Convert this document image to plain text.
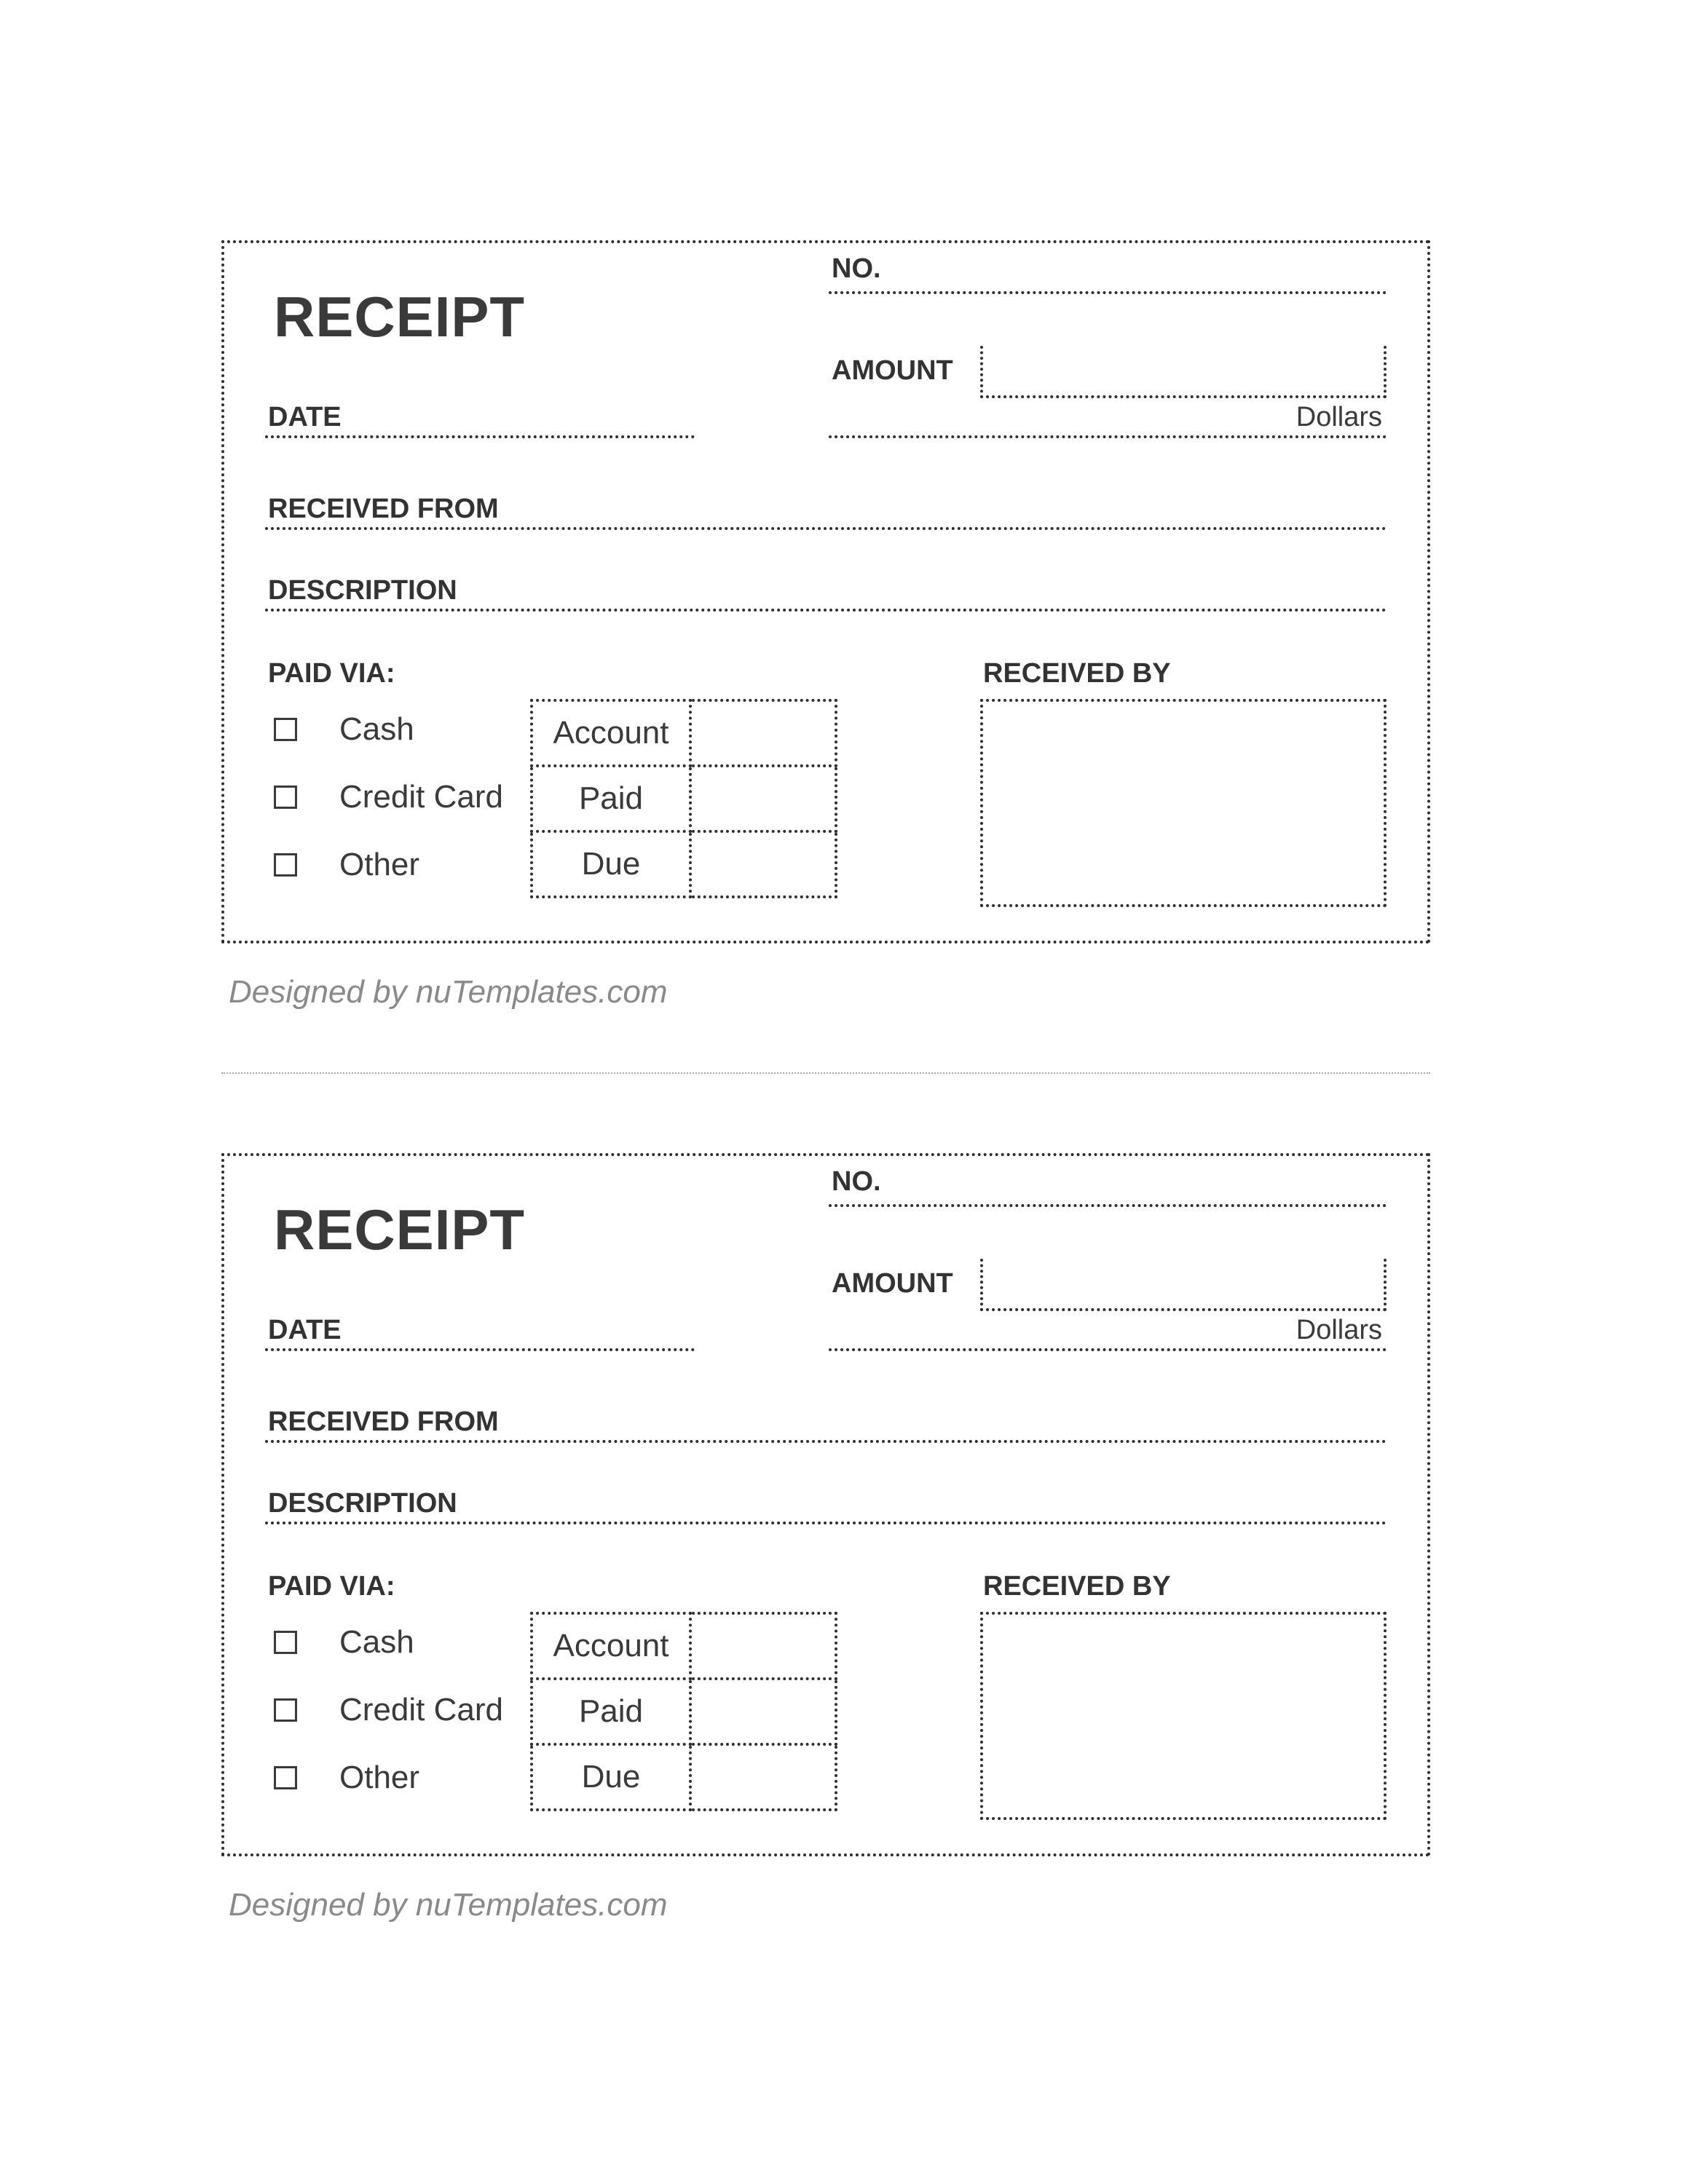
RECEIPT
NO.
AMOUNT
Dollars
DATE
RECEIVED FROM
DESCRIPTION
PAID VIA:
Cash
Credit Card
Other
Account	
Paid	
Due	
RECEIVED BY
Designed by nuTemplates.com
RECEIPT
NO.
AMOUNT
Dollars
DATE
RECEIVED FROM
DESCRIPTION
PAID VIA:
Cash
Credit Card
Other
Account	
Paid	
Due	
RECEIVED BY
Designed by nuTemplates.com
